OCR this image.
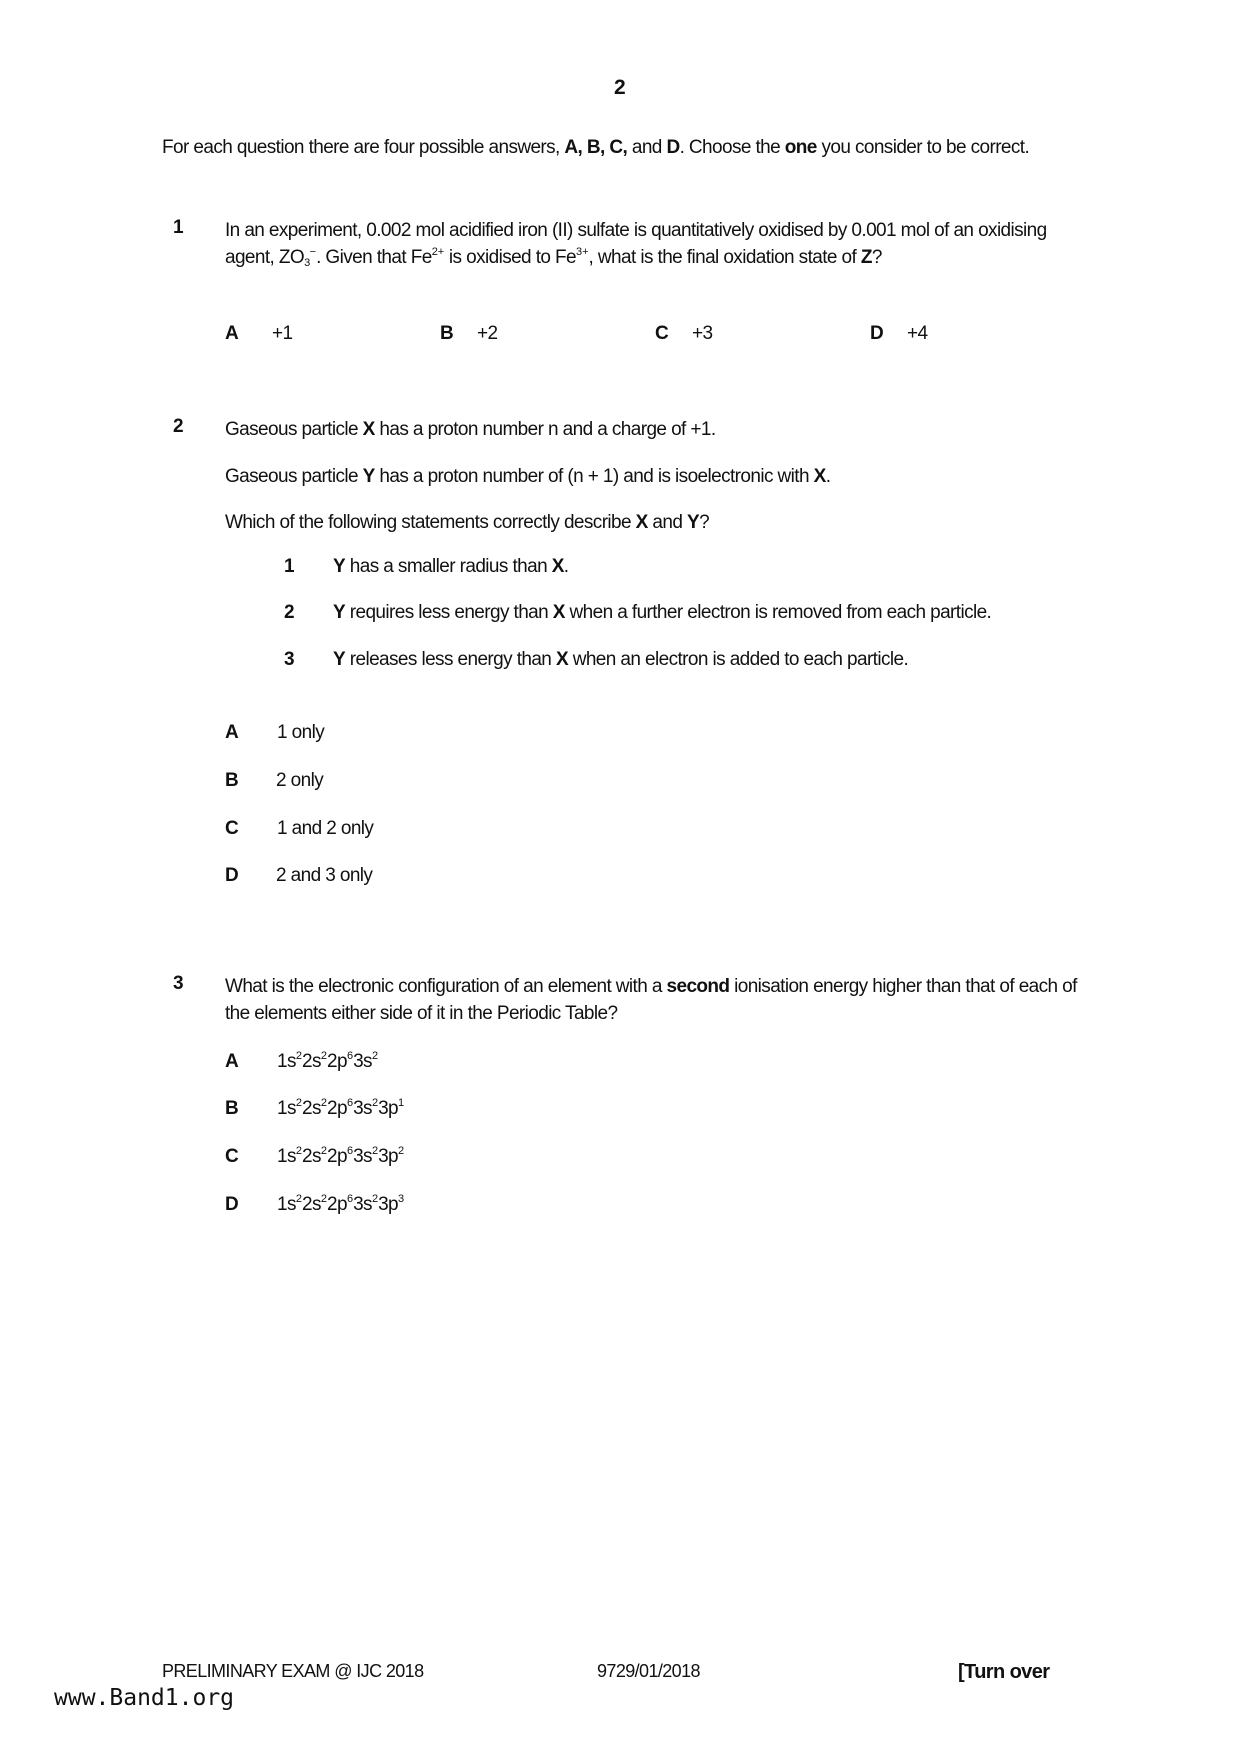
2
For each question there are four possible answers, A, B, C, and D. Choose the one you consider to be correct.
1 In an experiment, 0.002 mol acidified iron (II) sulfate is quantitatively oxidised by 0.001 mol of an oxidising agent, $ZO_3^-$. Given that $Fe^{2+}$ is oxidised to $Fe^{3+}$, what is the final oxidation state of Z?
A +1	B +2	C +3	D +4
2 Gaseous particle X has a proton number n and a charge of +1.
Gaseous particle Y has a proton number of (n + 1) and is isoelectronic with X.
Which of the following statements correctly describe X and Y?
1 Y has a smaller radius than X.
2 Y requires less energy than X when a further electron is removed from each particle.
3 Y releases less energy than X when an electron is added to each particle.
A 1 only
B 2 only
C 1 and 2 only
D 2 and 3 only
3 What is the electronic configuration of an element with a second ionisation energy higher than that of each of the elements either side of it in the Periodic Table?
A $1s^22s^22p^63s^2$
B $1s^22s^22p^63s^23p^1$
C $1s^22s^22p^63s^23p^2$
D $1s^22s^22p^63s^23p^3$
PRELIMINARY EXAM @ IJC 2018	9729/01/2018	[Turn over
www.Band1.org
